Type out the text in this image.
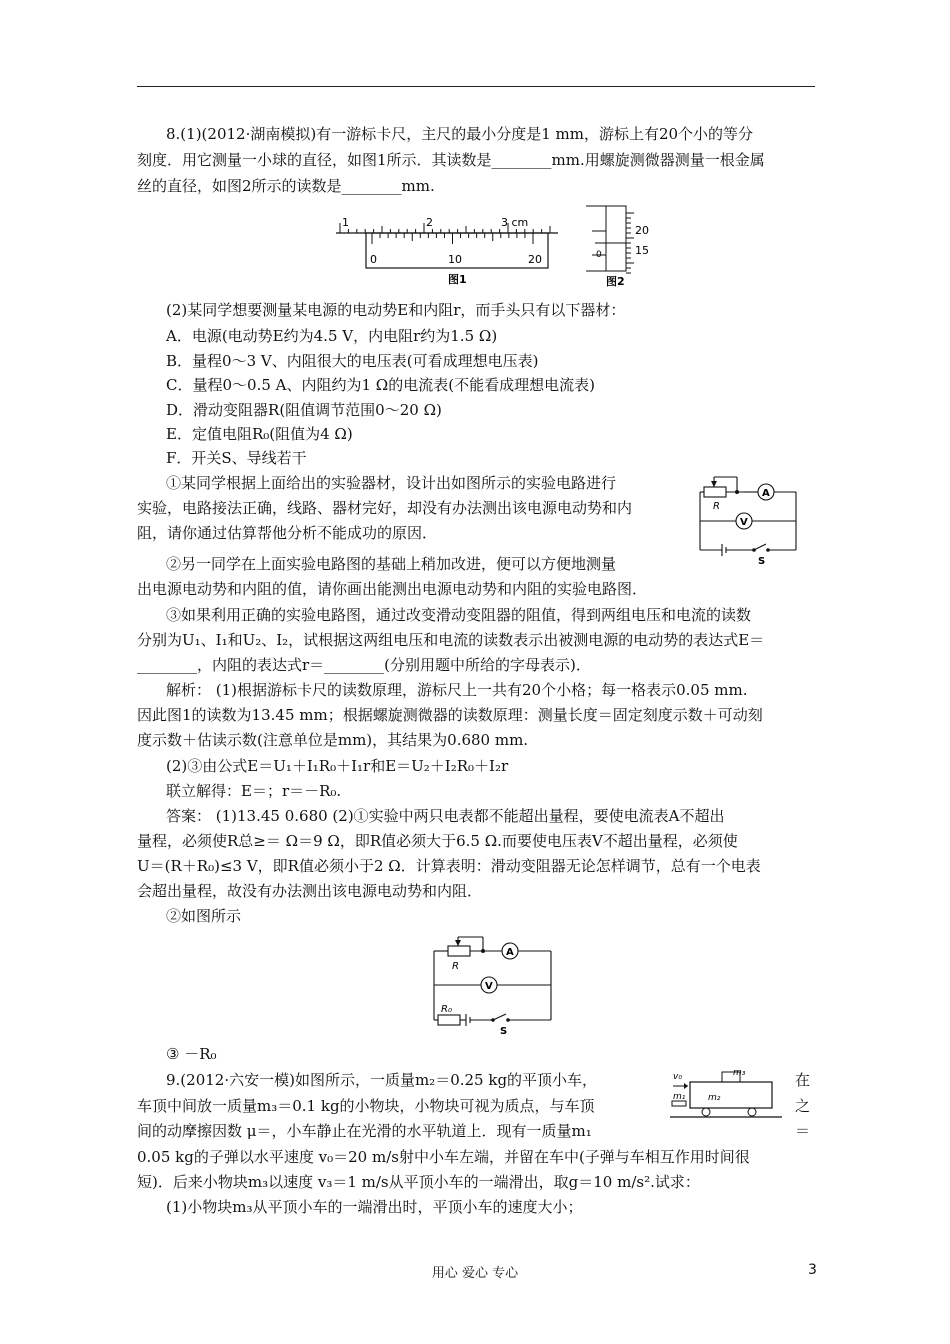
8.(1)(2012·湖南模拟)有一游标卡尺，主尺的最小分度是1 mm，游标上有20个小的等分
刻度．用它测量一小球的直径，如图1所示．其读数是________mm.用螺旋测微器测量一根金属
丝的直径，如图2所示的读数是________mm.
1	2	3 cm
0	10	20
图1
0
20
15
图2
(2)某同学想要测量某电源的电动势E和内阻r，而手头只有以下器材：
A．电源(电动势E约为4.5 V，内电阻r约为1.5 Ω)
B．量程0～3 V、内阻很大的电压表(可看成理想电压表)
C．量程0～0.5 A、内阻约为1 Ω的电流表(不能看成理想电流表)
D．滑动变阻器R(阻值调节范围0～20 Ω)
E．定值电阻R₀(阻值为4 Ω)
F．开关S、导线若干
①某同学根据上面给出的实验器材，设计出如图所示的实验电路进行
实验，电路接法正确，线路、器材完好，却没有办法测出该电源电动势和内
阻，请你通过估算帮他分析不能成功的原因．
R
A
V
S
②另一同学在上面实验电路图的基础上稍加改进，便可以方便地测量
出电源电动势和内阻的值，请你画出能测出电源电动势和内阻的实验电路图．
③如果利用正确的实验电路图，通过改变滑动变阻器的阻值，得到两组电压和电流的读数
分别为U₁、I₁和U₂、I₂，试根据这两组电压和电流的读数表示出被测电源的电动势的表达式E＝
________，内阻的表达式r＝________(分别用题中所给的字母表示)．
解析： (1)根据游标卡尺的读数原理，游标尺上一共有20个小格；每一格表示0.05 mm.
因此图1的读数为13.45 mm；根据螺旋测微器的读数原理：测量长度＝固定刻度示数＋可动刻
度示数＋估读示数(注意单位是mm)，其结果为0.680 mm.
(2)③由公式E＝U₁＋I₁R₀＋I₁r和E＝U₂＋I₂R₀＋I₂r
联立解得：E＝；r＝－R₀.
答案： (1)13.45 0.680 (2)①实验中两只电表都不能超出量程，要使电流表A不超出
量程，必须使R总≥＝ Ω＝9 Ω，即R值必须大于6.5 Ω.而要使电压表V不超出量程，必须使
U＝(R＋R₀)≤3 V，即R值必须小于2 Ω．计算表明：滑动变阻器无论怎样调节，总有一个电表
会超出量程，故没有办法测出该电源电动势和内阻．
②如图所示
R
A
V
R₀
S
③ －R₀
9.(2012·六安一模)如图所示，一质量m₂＝0.25 kg的平顶小车，	在
车顶中间放一质量m₃＝0.1 kg的小物块，小物块可视为质点，与车顶	之
间的动摩擦因数 μ＝，小车静止在光滑的水平轨道上．现有一质量m₁	＝
0.05 kg的子弹以水平速度 v₀＝20 m/s射中小车左端，并留在车中(子弹与车相互作用时间很
短)．后来小物块m₃以速度 v₃＝1 m/s从平顶小车的一端滑出，取g＝10 m/s².试求：
(1)小物块m₃从平顶小车的一端滑出时，平顶小车的速度大小；
v₀	m₃
m₂
m₁
用心 爱心 专心	3
